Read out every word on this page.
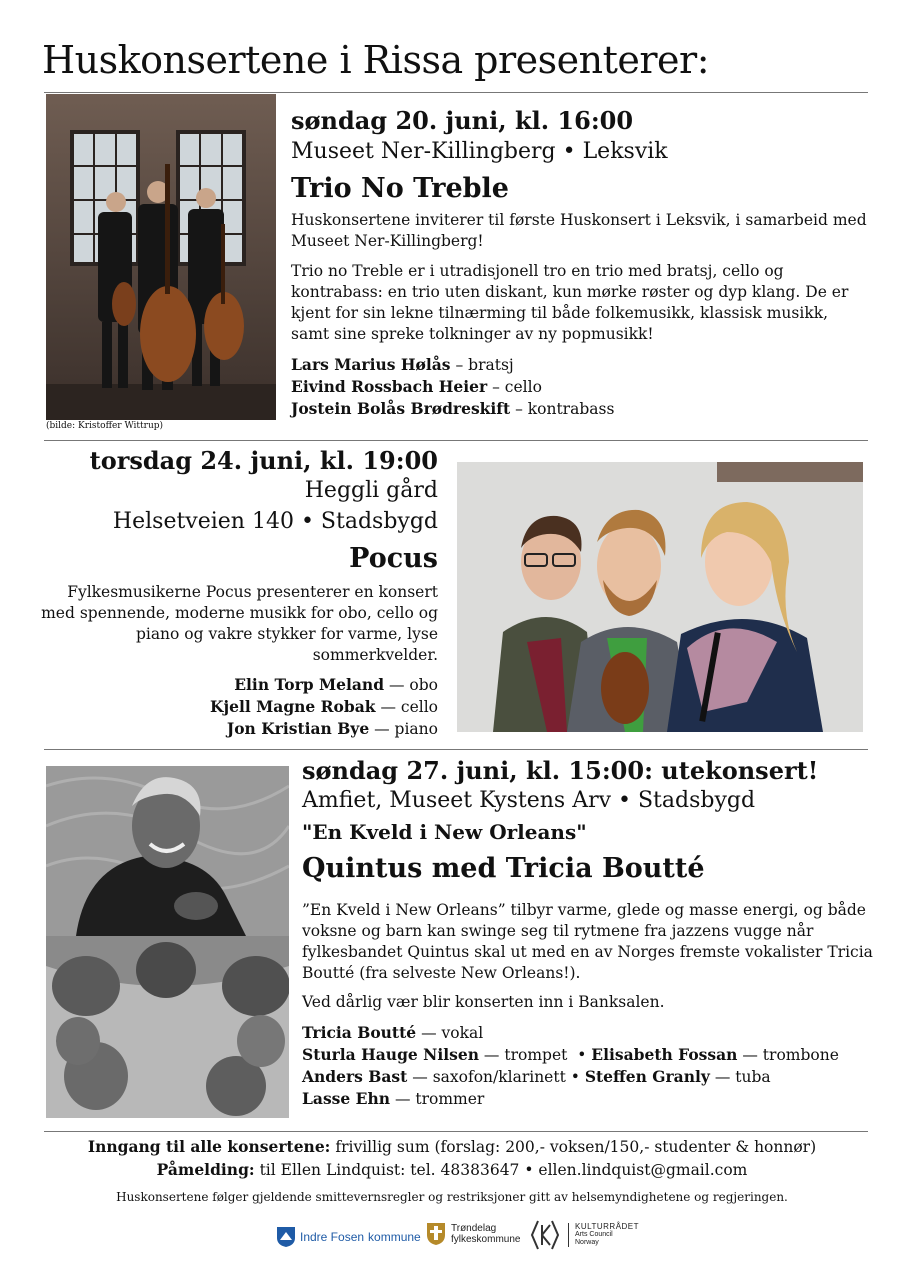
Huskonsertene i Rissa presenterer:
(bilde: Kristoffer Wittrup)
søndag 20. juni, kl. 16:00
Museet Ner-Killingberg • Leksvik
Trio No Treble
Huskonsertene inviterer til første Huskonsert i Leksvik, i samarbeid med Museet Ner-Killingberg!
Trio no Treble er i utradisjonell tro en trio med bratsj, cello og kontrabass: en trio uten diskant, kun mørke røster og dyp klang. De er kjent for sin lekne tilnærming til både folkemusikk, klassisk musikk, samt sine spreke tolkninger av ny popmusikk!
Lars Marius Hølås – bratsj
Eivind Rossbach Heier – cello
Jostein Bolås Brødreskift – kontrabass
torsdag 24. juni, kl. 19:00
Heggli gård
Helsetveien 140 • Stadsbygd
Pocus
Fylkesmusikerne Pocus presenterer en konsert med spennende, moderne musikk for obo, cello og piano og vakre stykker for varme, lyse sommerkvelder.
Elin Torp Meland — obo
Kjell Magne Robak — cello
Jon Kristian Bye — piano
søndag 27. juni, kl. 15:00: utekonsert!
Amfiet, Museet Kystens Arv • Stadsbygd
"En Kveld i New Orleans"
Quintus med Tricia Boutté
”En Kveld i New Orleans” tilbyr varme, glede og masse energi, og både voksne og barn kan swinge seg til rytmene fra jazzens vugge når fylkesbandet Quintus skal ut med en av Norges fremste vokalister Tricia Boutté (fra selveste New Orleans!).
Ved dårlig vær blir konserten inn i Banksalen.
Tricia Boutté — vokal
Sturla Hauge Nilsen — trompet  • Elisabeth Fossan — trombone
Anders Bast — saxofon/klarinett • Steffen Granly — tuba
Lasse Ehn — trommer
Inngang til alle konsertene: frivillig sum (forslag: 200,- voksen/150,- studenter & honnør)
Påmelding: til Ellen Lindquist: tel. 48383647 • ellen.lindquist@gmail.com
Huskonsertene følger gjeldende smittevernsregler og restriksjoner gitt av helsemyndighetene og regjeringen.
Indre Fosen kommune
Trøndelag
fylkeskommune
KULTURRÅDET
Arts Council
Norway
